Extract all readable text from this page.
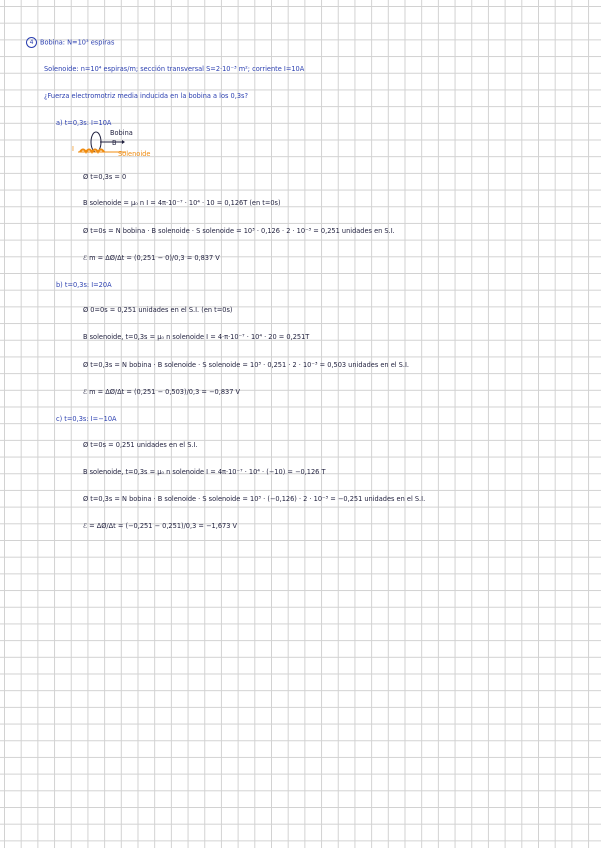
4 Bobina: N=10³ espiras
Solenoide: n=10⁴ espiras/m; sección transversal S=2·10⁻³ m²; corriente I=10A
¿Fuerza electromotriz media inducida en la bobina a los 0,3s?
a) t=0,3s: I=10A
Bobina
B
I
Solenoide
Ø t=0,3s = 0
B solenoide = μ₀ n I = 4π·10⁻⁷ · 10⁴ · 10 = 0,126T (en t=0s)
Ø t=0s = N bobina · B solenoide · S solenoide = 10³ · 0,126 · 2 · 10⁻³ = 0,251 unidades en S.I.
ℰ m = ΔØ/Δt = (0,251 − 0)/0,3 = 0,837 V
b) t=0,3s: I=20A
Ø 0=0s = 0,251 unidades en el S.I. (en t=0s)
B solenoide, t=0,3s = μ₀ n solenoide I = 4·π·10⁻⁷ · 10⁴ · 20 = 0,251T
Ø t=0,3s = N bobina · B solenoide · S solenoide = 10³ · 0,251 · 2 · 10⁻³ = 0,503 unidades en el S.I.
ℰ m = ΔØ/Δt = (0,251 − 0,503)/0,3 = −0,837 V
c) t=0,3s: I=−10A
Ø t=0s = 0,251 unidades en el S.I.
B solenoide, t=0,3s = μ₀ n solenoide I = 4π·10⁻⁷ · 10⁴ · (−10) = −0,126 T
Ø t=0,3s = N bobina · B solenoide · S solenoide = 10³ · (−0,126) · 2 · 10⁻³ = −0,251 unidades en el S.I.
ℰ = ΔØ/Δt = (−0,251 − 0,251)/0,3 = −1,673 V
